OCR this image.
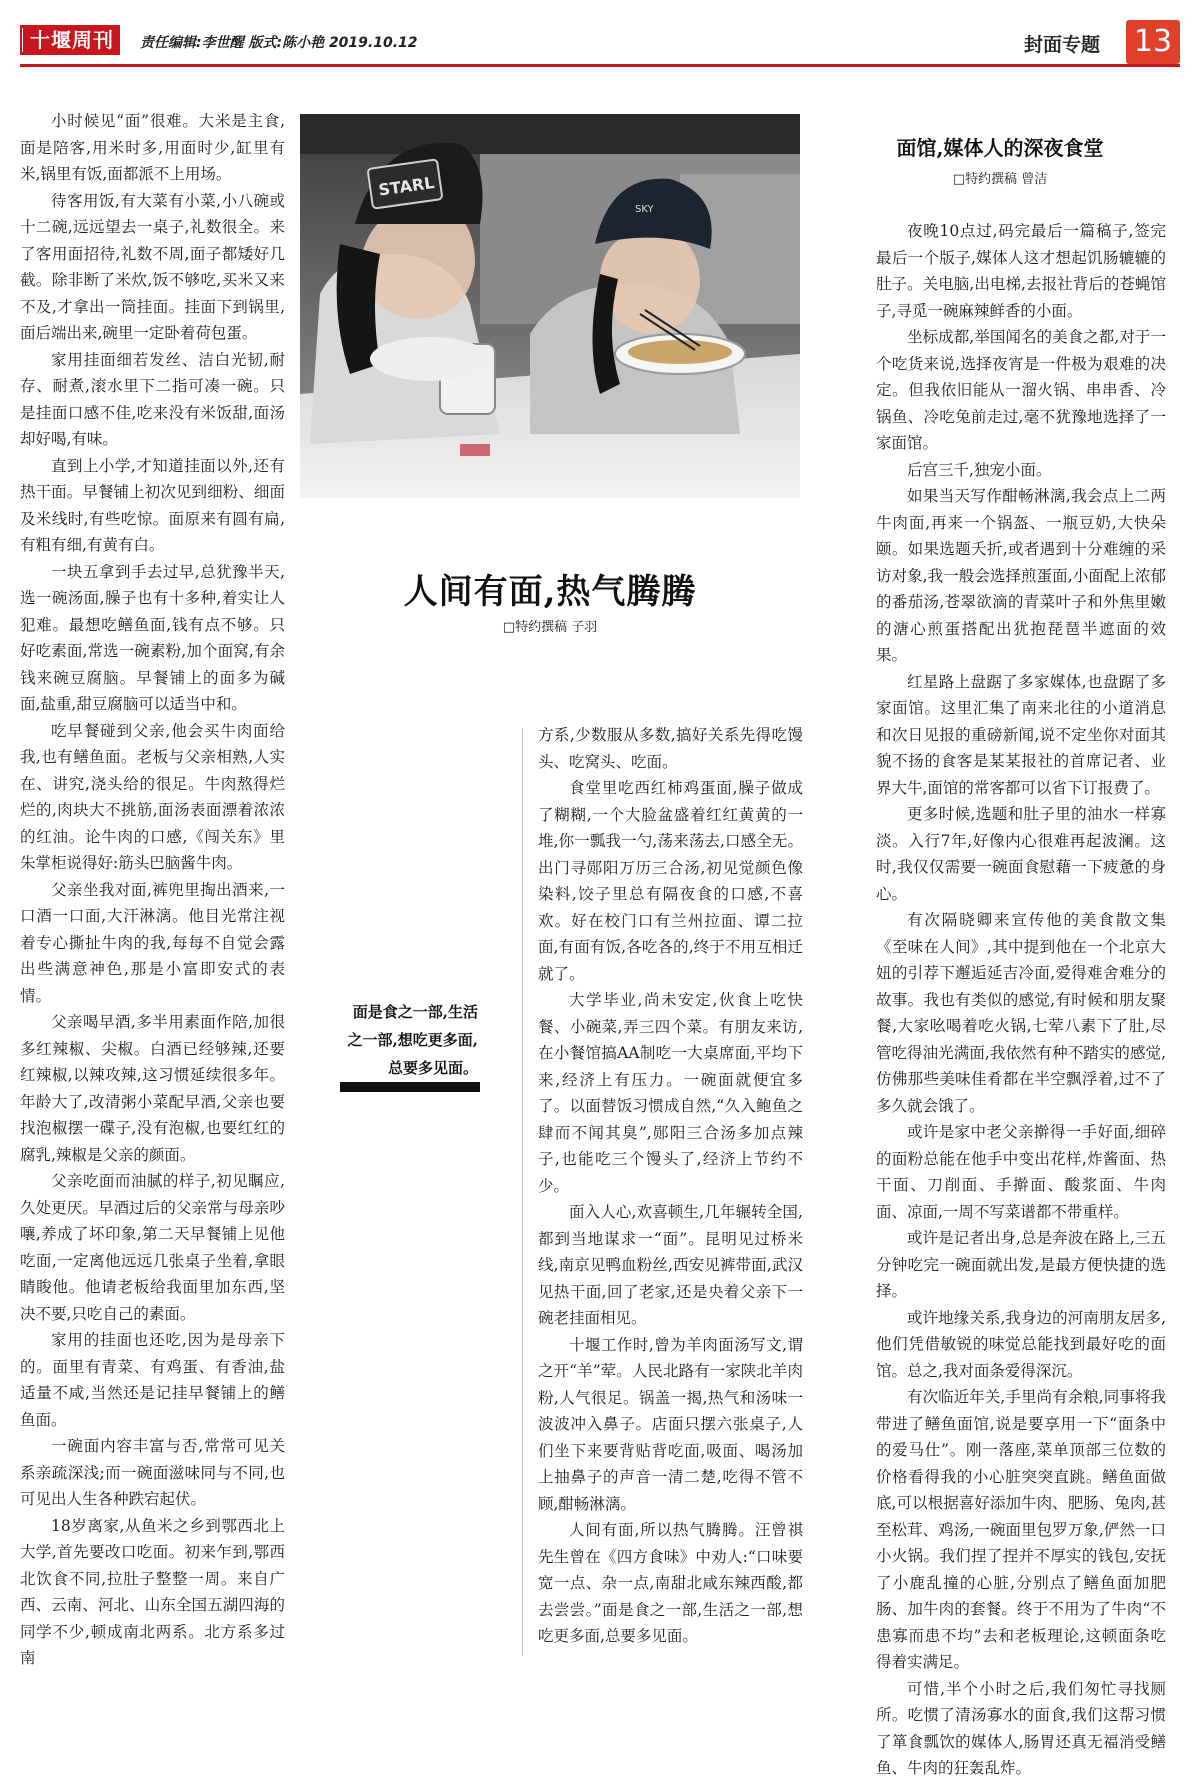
十堰周刊	责任编辑:李世醒 版式:陈小艳 2019.10.12	封面专题 13

小时候见“面”很难。大米是主食,面是陪客,用米时多,用面时少,缸里有米,锅里有饭,面都派不上用场。

待客用饭,有大菜有小菜,小八碗或十二碗,远远望去一桌子,礼数很全。来了客用面招待,礼数不周,面子都矮好几截。除非断了米炊,饭不够吃,买米又来不及,才拿出一筒挂面。挂面下到锅里,面后端出来,碗里一定卧着荷包蛋。

家用挂面细若发丝、洁白光韧,耐存、耐煮,滚水里下二指可凑一碗。只是挂面口感不佳,吃来没有米饭甜,面汤却好喝,有味。

直到上小学,才知道挂面以外,还有热干面。早餐铺上初次见到细粉、细面及米线时,有些吃惊。面原来有圆有扁,有粗有细,有黄有白。

一块五拿到手去过早,总犹豫半天,选一碗汤面,臊子也有十多种,着实让人犯难。最想吃鳝鱼面,钱有点不够。只好吃素面,常选一碗素粉,加个面窝,有余钱来碗豆腐脑。早餐铺上的面多为碱面,盐重,甜豆腐脑可以适当中和。

吃早餐碰到父亲,他会买牛肉面给我,也有鳝鱼面。老板与父亲相熟,人实在、讲究,浇头给的很足。牛肉熬得烂烂的,肉块大不挑筋,面汤表面漂着浓浓的红油。论牛肉的口感,《闯关东》里朱掌柜说得好:筋头巴脑酱牛肉。

父亲坐我对面,裤兜里掏出酒来,一口酒一口面,大汗淋漓。他目光常注视着专心撕扯牛肉的我,每每不自觉会露出些满意神色,那是小富即安式的表情。

父亲喝早酒,多半用素面作陪,加很多红辣椒、尖椒。白酒已经够辣,还要红辣椒,以辣攻辣,这习惯延续很多年。年龄大了,改清粥小菜配早酒,父亲也要找泡椒摆一碟子,没有泡椒,也要红红的腐乳,辣椒是父亲的颜面。

父亲吃面而油腻的样子,初见瞩应,久处更厌。早酒过后的父亲常与母亲吵嚷,养成了坏印象,第二天早餐铺上见他吃面,一定离他远远几张桌子坐着,拿眼睛睃他。他请老板给我面里加东西,坚决不要,只吃自己的素面。

家用的挂面也还吃,因为是母亲下的。面里有青菜、有鸡蛋、有香油,盐适量不咸,当然还是记挂早餐铺上的鳝鱼面。

一碗面内容丰富与否,常常可见关系亲疏深浅;而一碗面滋味同与不同,也可见出人生各种跌宕起伏。

18岁离家,从鱼米之乡到鄂西北上大学,首先要改口吃面。初来乍到,鄂西北饮食不同,拉肚子整整一周。来自广西、云南、河北、山东全国五湖四海的同学不少,顿成南北两系。北方系多过南

STARL
SKY
人间有面,热气腾腾
□特约撰稿 子羽
面是食之一部,生活之一部,想吃更多面,总要多见面。

方系,少数服从多数,搞好关系先得吃馒头、吃窝头、吃面。

食堂里吃西红柿鸡蛋面,臊子做成了糊糊,一个大脸盆盛着红红黄黄的一堆,你一瓢我一勺,荡来荡去,口感全无。出门寻郧阳万历三合汤,初见觉颜色像染料,饺子里总有隔夜食的口感,不喜欢。好在校门口有兰州拉面、谭二拉面,有面有饭,各吃各的,终于不用互相迁就了。

大学毕业,尚未安定,伙食上吃快餐、小碗菜,弄三四个菜。有朋友来访,在小餐馆搞AA制吃一大桌席面,平均下来,经济上有压力。一碗面就便宜多了。以面替饭习惯成自然,“久入鲍鱼之肆而不闻其臭”,郧阳三合汤多加点辣子,也能吃三个馒头了,经济上节约不少。

面入人心,欢喜顿生,几年辗转全国,都到当地谋求一“面”。昆明见过桥米线,南京见鸭血粉丝,西安见裤带面,武汉见热干面,回了老家,还是央着父亲下一碗老挂面相见。

十堰工作时,曾为羊肉面汤写文,谓之开“羊”荤。人民北路有一家陕北羊肉粉,人气很足。锅盖一揭,热气和汤味一波波冲入鼻子。店面只摆六张桌子,人们坐下来要背贴背吃面,吸面、喝汤加上抽鼻子的声音一清二楚,吃得不管不顾,酣畅淋漓。

人间有面,所以热气腾腾。汪曾祺先生曾在《四方食味》中劝人:“口味要宽一点、杂一点,南甜北咸东辣西酸,都去尝尝。”面是食之一部,生活之一部,想吃更多面,总要多见面。

面馆,媒体人的深夜食堂
□特约撰稿 曾洁

夜晚10点过,码完最后一篇稿子,签完最后一个版子,媒体人这才想起饥肠辘辘的肚子。关电脑,出电梯,去报社背后的苍蝇馆子,寻觅一碗麻辣鲜香的小面。

坐标成都,举国闻名的美食之都,对于一个吃货来说,选择夜宵是一件极为艰难的决定。但我依旧能从一溜火锅、串串香、冷锅鱼、冷吃兔前走过,毫不犹豫地选择了一家面馆。

后宫三千,独宠小面。

如果当天写作酣畅淋漓,我会点上二两牛肉面,再来一个锅盔、一瓶豆奶,大快朵颐。如果选题夭折,或者遇到十分难缠的采访对象,我一般会选择煎蛋面,小面配上浓郁的番茄汤,苍翠欲滴的青菜叶子和外焦里嫩的溏心煎蛋搭配出犹抱琵琶半遮面的效果。

红星路上盘踞了多家媒体,也盘踞了多家面馆。这里汇集了南来北往的小道消息和次日见报的重磅新闻,说不定坐你对面其貌不扬的食客是某某报社的首席记者、业界大牛,面馆的常客都可以省下订报费了。

更多时候,选题和肚子里的油水一样寡淡。入行7年,好像内心很难再起波澜。这时,我仅仅需要一碗面食慰藉一下疲惫的身心。

有次隔晓卿来宣传他的美食散文集《至味在人间》,其中提到他在一个北京大妞的引荐下邂逅延吉冷面,爱得难舍难分的故事。我也有类似的感觉,有时候和朋友聚餐,大家吆喝着吃火锅,七荤八素下了肚,尽管吃得油光满面,我依然有种不踏实的感觉,仿佛那些美味佳肴都在半空飘浮着,过不了多久就会饿了。

或许是家中老父亲擀得一手好面,细碎的面粉总能在他手中变出花样,炸酱面、热干面、刀削面、手擀面、酸浆面、牛肉面、凉面,一周不写菜谱都不带重样。

或许是记者出身,总是奔波在路上,三五分钟吃完一碗面就出发,是最方便快捷的选择。

或许地缘关系,我身边的河南朋友居多,他们凭借敏锐的味觉总能找到最好吃的面馆。总之,我对面条爱得深沉。

有次临近年关,手里尚有余粮,同事将我带进了鳝鱼面馆,说是要享用一下“面条中的爱马仕”。刚一落座,菜单顶部三位数的价格看得我的小心脏突突直跳。鳝鱼面做底,可以根据喜好添加牛肉、肥肠、兔肉,甚至松茸、鸡汤,一碗面里包罗万象,俨然一口小火锅。我们捏了捏并不厚实的钱包,安抚了小鹿乱撞的心脏,分别点了鳝鱼面加肥肠、加牛肉的套餐。终于不用为了牛肉“不患寡而患不均”去和老板理论,这顿面条吃得着实满足。

可惜,半个小时之后,我们匆忙寻找厕所。吃惯了清汤寡水的面食,我们这帮习惯了箪食瓢饮的媒体人,肠胃还真无福消受鳝鱼、牛肉的狂轰乱炸。
